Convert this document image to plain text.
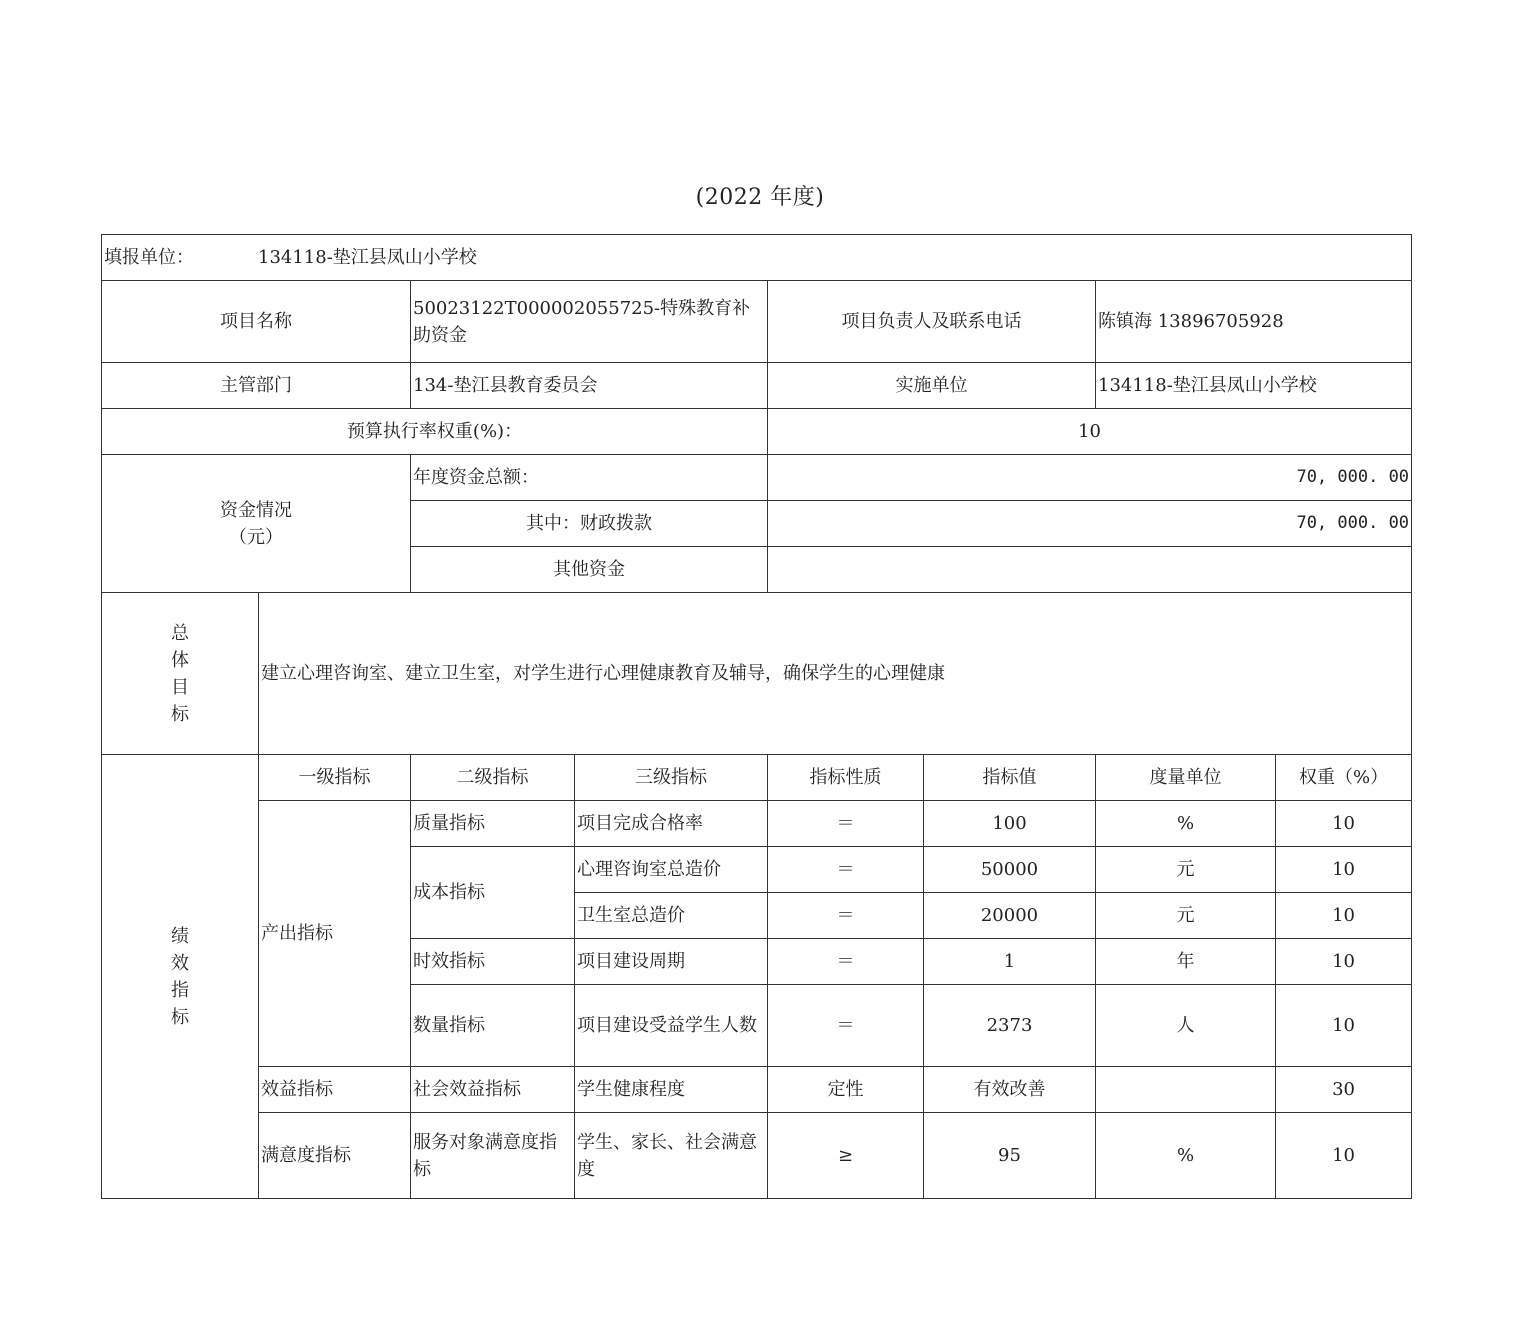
(2022 年度)
填报单位： 134118-垫江县凤山小学校							
项目名称		50023122T000002055725-特殊教育补助资金		项目负责人及联系电话		陈镇海 13896705928	
主管部门		134-垫江县教育委员会		实施单位		134118-垫江县凤山小学校	
预算执行率权重(%)：				10			
资金情况
（元）		年度资金总额：		70, 000. 00			
		其中：财政拨款		70, 000. 00			
		其他资金					

总
体
目
标	建立心理咨询室、建立卫生室，对学生进行心理健康教育及辅导，确保学生的心理健康						

绩
效
指
标	一级指标	二级指标	三级指标	指标性质	指标值	度量单位	权重（%）
	产出指标	质量指标	项目完成合格率	＝	100	%	10
		成本指标	心理咨询室总造价	＝	50000	元	10
			卫生室总造价	＝	20000	元	10
		时效指标	项目建设周期	＝	1	年	10
		数量指标	项目建设受益学生人数	＝	2373	人	10
	效益指标	社会效益指标	学生健康程度	定性	有效改善		30
	满意度指标	服务对象满意度指标	学生、家长、社会满意度	≥	95	%	10
